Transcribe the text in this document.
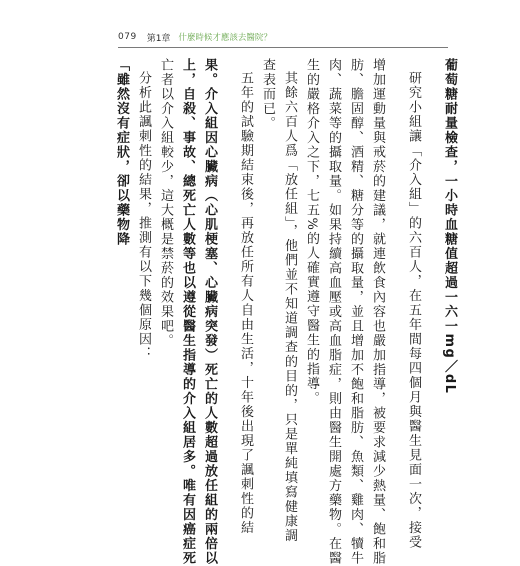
079 第1章 什麼時候才應該去醫院？

葡萄糖耐量檢查，一小時血糖值超過一六一mg／dL

研究小組讓「介入組」的六百人，在五年間每四個月與醫生見面一次，接受

增加運動量與戒菸的建議，就連飲食內容也嚴加指導，被要求減少熱量、飽和脂

肪、膽固醇、酒精、糖分等的攝取量，並且增加不飽和脂肪、魚類、雞肉、犢牛

肉、蔬菜等的攝取量。如果持續高血壓或高血脂症，則由醫生開處方藥物。在醫

生的嚴格介入之下，七五%的人確實遵守醫生的指導。

其餘六百人爲「放任組」，他們並不知道調查的目的，只是單純填寫健康調

查表而已。

五年的試驗期結束後，再放任所有人自由生活，十年後出現了諷刺性的結

果。介入組因心臟病（心肌梗塞、心臟病突發）死亡的人數超過放任組的兩倍以

上，自殺、事故、總死亡人數等也以遵從醫生指導的介入組居多。唯有因癌症死

亡者以介入組較少，這大概是禁菸的效果吧。

分析此諷刺性的結果，推測有以下幾個原因：

「雖然沒有症狀，卻以藥物降
